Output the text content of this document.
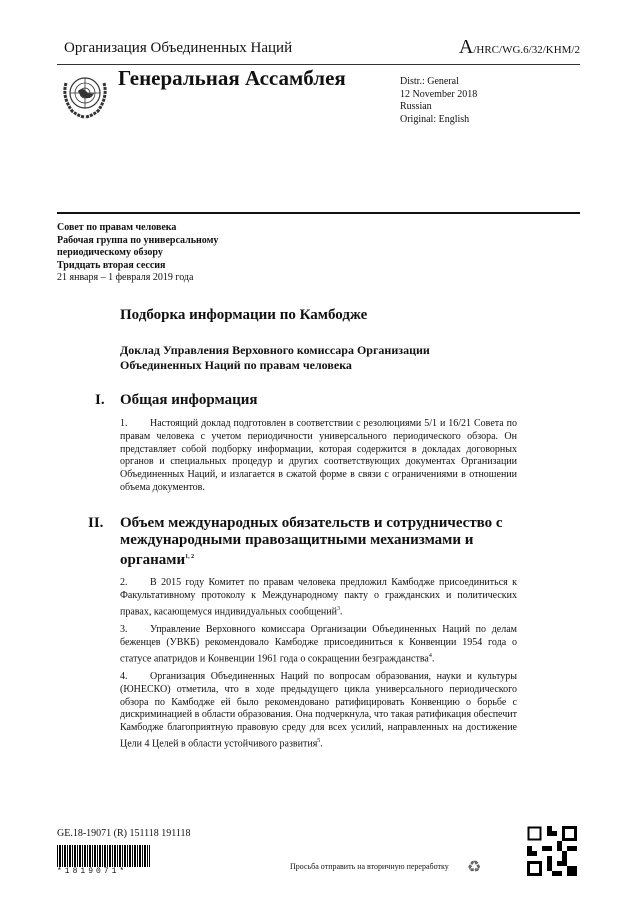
Организация Объединенных Наций	A/HRC/WG.6/32/KHM/2
Генеральная Ассамблея	Distr.: General
12 November 2018
Russian
Original: English
Совет по правам человека
Рабочая группа по универсальному
периодическому обзору
Тридцать вторая сессия
21 января – 1 февраля 2019 года
Подборка информации по Камбодже
Доклад Управления Верховного комиссара Организации Объединенных Наций по правам человека
I. Общая информация
1. Настоящий доклад подготовлен в соответствии с резолюциями 5/1 и 16/21 Совета по правам человека с учетом периодичности универсального периодического обзора. Он представляет собой подборку информации, которая содержится в докладах договорных органов и специальных процедур и других соответствующих документах Организации Объединенных Наций, и излагается в сжатой форме в связи с ограничениями в отношении объема документов.
II. Объем международных обязательств и сотрудничество с международными правозащитными механизмами и органами$^{1, 2}$
2. В 2015 году Комитет по правам человека предложил Камбодже присоединиться к Факультативному протоколу к Международному пакту о гражданских и политических правах, касающемуся индивидуальных сообщений$^3$.
3. Управление Верховного комиссара Организации Объединенных Наций по делам беженцев (УВКБ) рекомендовало Камбодже присоединиться к Конвенции 1954 года о статусе апатридов и Конвенции 1961 года о сокращении безгражданства$^4$.
4. Организация Объединенных Наций по вопросам образования, науки и культуры (ЮНЕСКО) отметила, что в ходе предыдущего цикла универсального периодического обзора по Камбодже ей было рекомендовано ратифицировать Конвенцию о борьбе с дискриминацией в области образования. Она подчеркнула, что такая ратификация обеспечит Камбодже благоприятную правовую среду для всех усилий, направленных на достижение Цели 4 Целей в области устойчивого развития$^5$.
GE.18-19071 (R) 151118 191118
*1819071*
Просьба отправить на вторичную переработку ♻
